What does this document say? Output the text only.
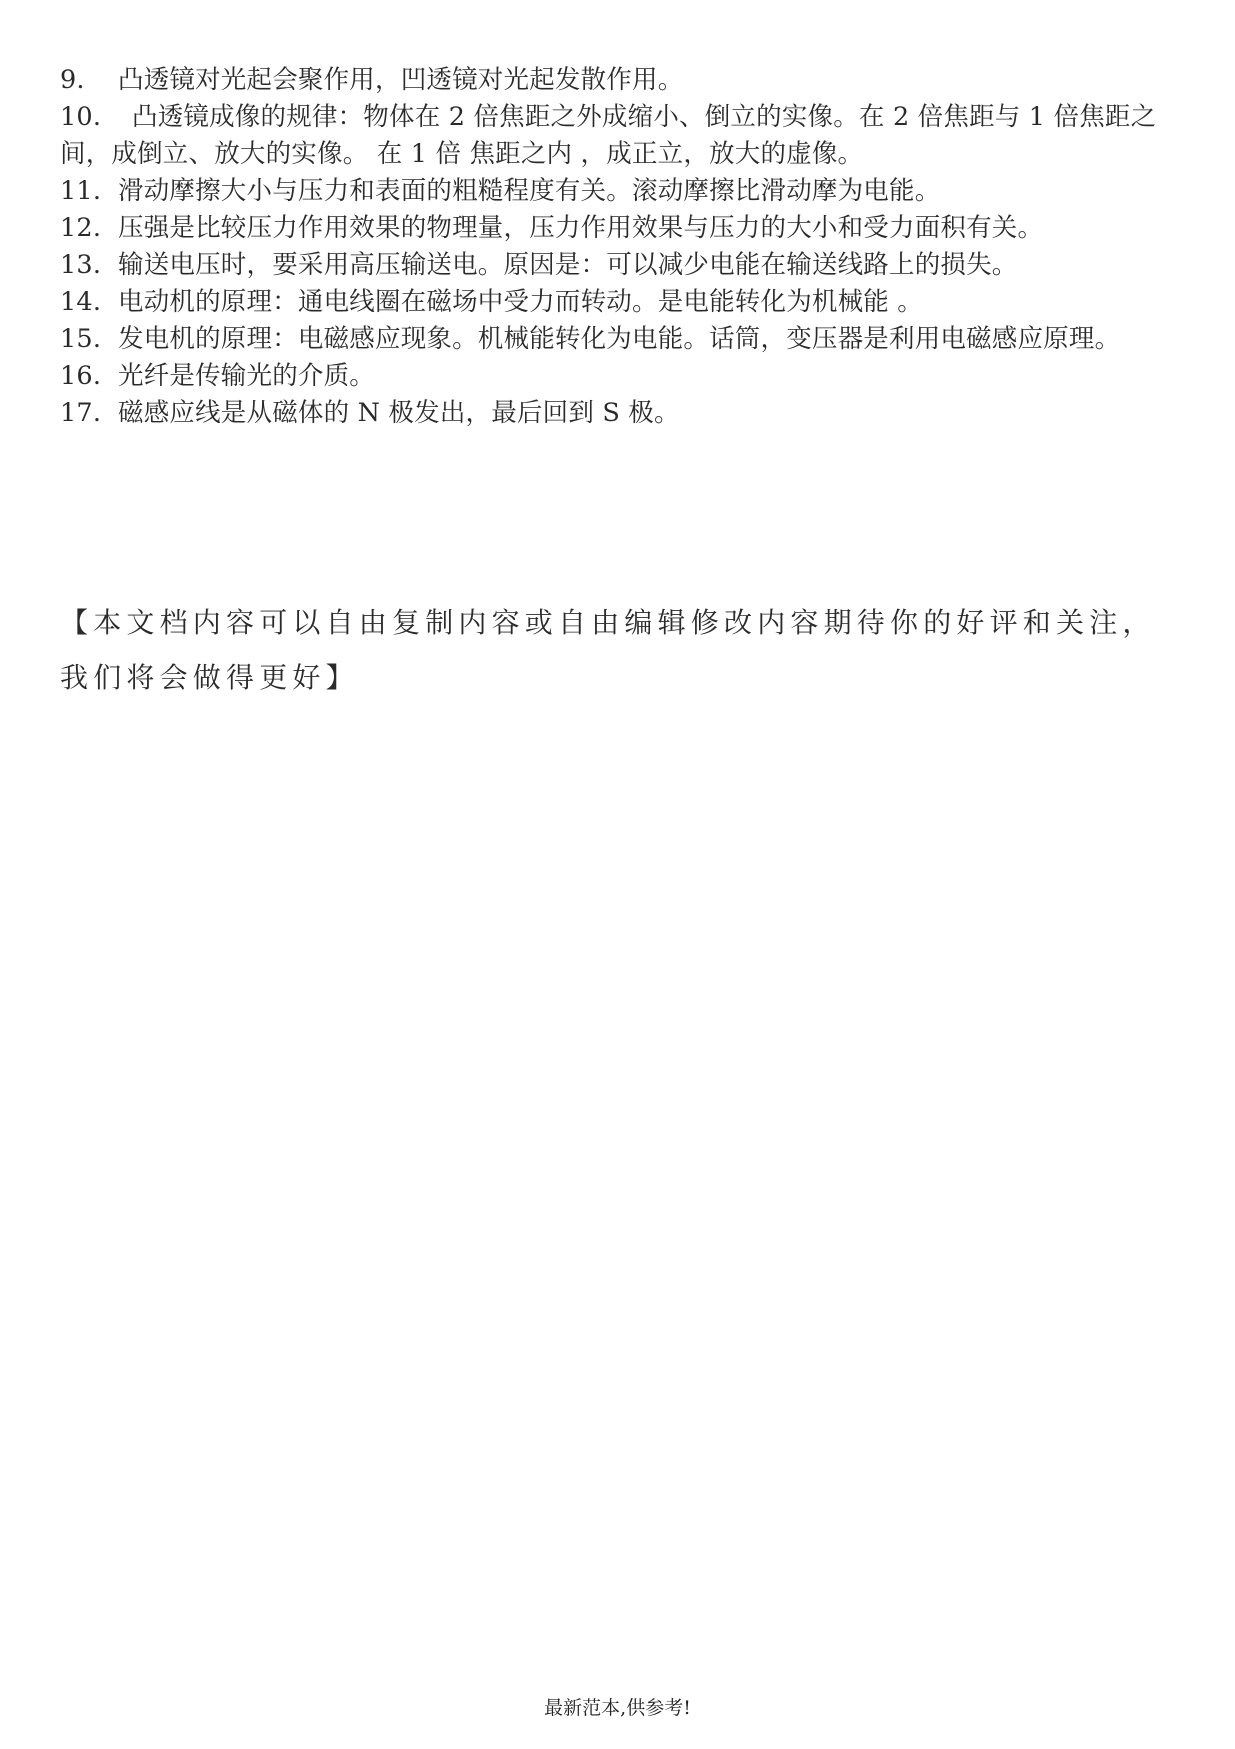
9. 凸透镜对光起会聚作用，凹透镜对光起发散作用。

10. 凸透镜成像的规律：物体在 2 倍焦距之外成缩小、倒立的实像。在 2 倍焦距与 1 倍焦距之间，成倒立、放大的实像。 在 1 倍 焦距之内 ，成正立，放大的虚像。

11. 滑动摩擦大小与压力和表面的粗糙程度有关。滚动摩擦比滑动摩为电能。

12. 压强是比较压力作用效果的物理量，压力作用效果与压力的大小和受力面积有关。

13. 输送电压时，要采用高压输送电。原因是：可以减少电能在输送线路上的损失。

14. 电动机的原理：通电线圈在磁场中受力而转动。是电能转化为机械能 。

15. 发电机的原理：电磁感应现象。机械能转化为电能。话筒，变压器是利用电磁感应原理。

16. 光纤是传输光的介质。

17. 磁感应线是从磁体的 N 极发出，最后回到 S 极。

【本文档内容可以自由复制内容或自由编辑修改内容期待你的好评和关注，我们将会做得更好】

最新范本,供参考!
